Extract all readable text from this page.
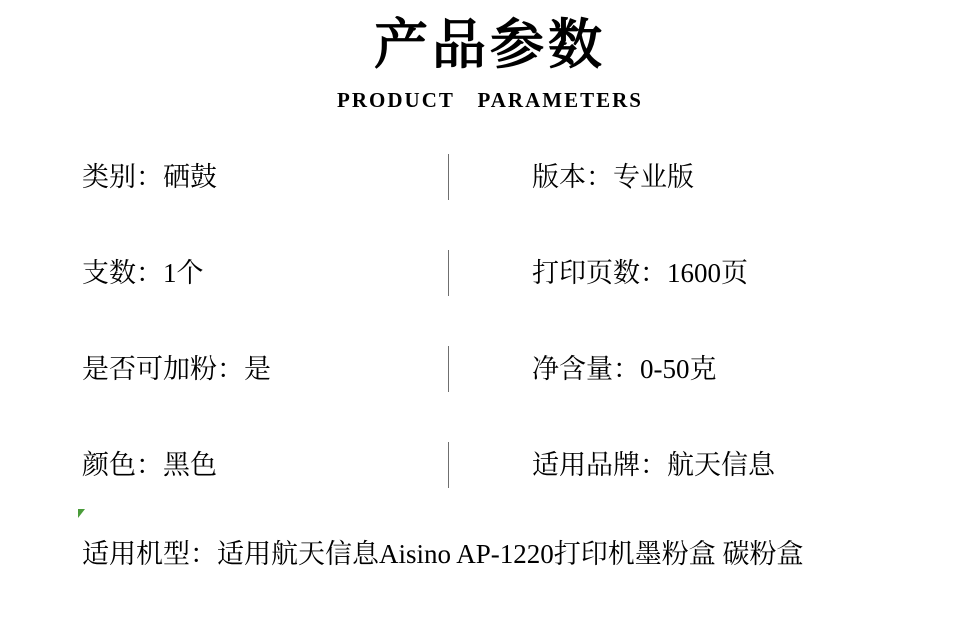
产品参数
PRODUCT　PARAMETERS
类别：硒鼓	版本：专业版
支数：1个	打印页数：1600页
是否可加粉：是	净含量：0-50克
颜色：黑色	适用品牌：航天信息
适用机型：适用航天信息Aisino AP-1220打印机墨粉盒 碳粉盒
